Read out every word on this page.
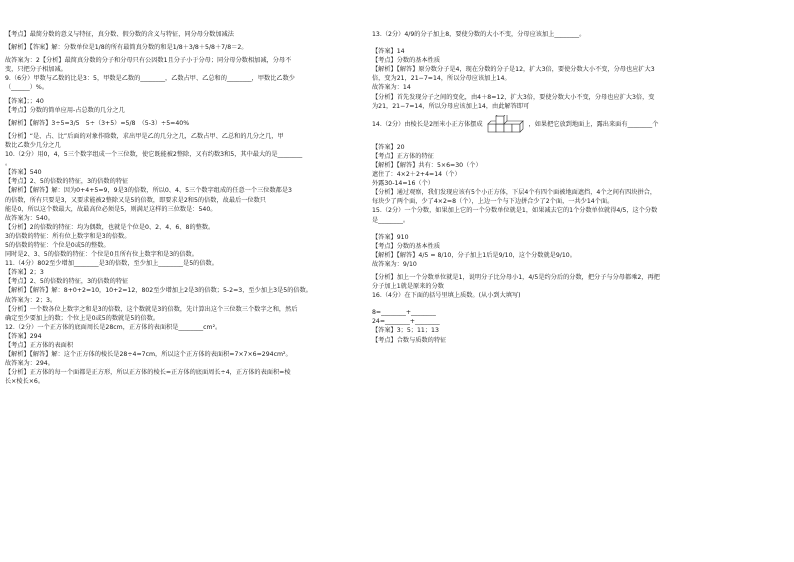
【考点】最简分数的意义与特征，真分数、假分数的含义与特征，同分母分数加减法
【解析】【答案】解：分数单位是1/8的所有最简真分数的和是1/8＋3/8＋5/8＋7/8＝2。
故答案为：2【分析】最简真分数的分子和分母只有公因数1且分子小于分母；同分母分数相加减，分母不
变，只把分子相加减。
9.（6分）甲数与乙数的比是3：5，甲数是乙数的________，乙数占甲、乙总和的________，甲数比乙数少
（______）%。
【答案】；；40
【考点】分数的简单应用-占总数的几分之几
【解析】【解答】3÷5=3/5　5÷（3+5）=5/8　（5-3）÷5=40%
【分析】“是、占、比”后面的对象作除数，求出甲是乙的几分之几，乙数占甲、乙总和的几分之几，甲
数比乙数少几分之几
10.（2分）用0，4，5三个数字组成一个三位数，使它既能被2整除，又有约数3和5，其中最大的是________
。
【答案】540
【考点】2、5的倍数的特征，3的倍数的特征
【解析】【解答】解：因为0+4+5=9，9是3的倍数，所以0、4、5三个数字组成的任意一个三位数都是3
的倍数，所有只要是3，又要求能被2整除又是5的倍数，即要求是2和5的倍数，故最后一位数只
能是0，所以这个数最大，故最高位必须是5，则满足这样的三位数是：540。
故答案为：540。
【分析】2的倍数的特征：均为偶数，也就是个位是0、2、4、6、8的整数。
3的倍数的特征：所有位上数字和是3的倍数。
5的倍数的特征：个位是0或5的整数。
同时是2、3、5的倍数的特征：个位是0且所有位上数字和是3的倍数。
11.（4分）802至少增加________是3的倍数，至少加上________是5的倍数。
【答案】2；3
【考点】2、5的倍数的特征，3的倍数的特征
【解析】【解答】解：8+0+2=10，10+2=12，802至少增加上2是3的倍数；5-2=3，至少加上3是5的倍数。
故答案为：2；3。
【分析】一个数各位上数字之和是3的倍数，这个数就是3的倍数，先计算出这个三位数三个数字之和，然后
确定至少要加上的数；个位上是0或5的数就是5的倍数。
12.（2分）一个正方体的底面周长是28cm，正方体的表面积是________cm²。
【答案】294
【考点】正方体的表面积
【解析】【解答】解：这个正方体的棱长是28÷4=7cm，所以这个正方体的表面积=7×7×6=294cm²。
故答案为：294。
【分析】正方体的每一个面都是正方形，所以正方体的棱长=正方体的底面周长÷4，正方体的表面积=棱
长×棱长×6。
13.（2分）4/9的分子加上8，要使分数的大小不变，分母应该加上________。
【答案】14
【考点】分数的基本性质
【解析】【解答】原分数分子是4，现在分数的分子是12，扩大3倍，要使分数大小不变，分母也应扩大3
倍，变为21，21−7=14，所以分母应该加上14。
故答案为：14
【分析】首先发现分子之间的变化，由4＋8=12，扩大3倍，要使分数大小不变，分母也应扩大3倍，变
为21，21−7=14，所以分母应该加上14，由此解答即可
14.（2分）由棱长是2厘米小正方体摆成	，如果把它放到地面上，露出来面有________个
【答案】20
【考点】正方体的特征
【解析】【解答】共有：5×6=30（个）
遮住了：4×2＋2+4=14（个）
外露30-14=16（个）
【分析】通过观察，我们发现应该有5个小正方体，下层4个有四个面被地面遮挡，4个之间有四块拼合，
每块少了两个面，少了4×2=8（个），上边一个与下边拼合少了2个面，一共少14个面。
15.（2分）一个分数，如果加上它的一个分数单位就是1，如果减去它的1个分数单位就得4/5，这个分数
是________。
【答案】910
【考点】分数的基本性质
【解析】【解答】4/5 = 8/10，分子加上1后是9/10，这个分数就是9/10。
故答案为：9/10
【分析】加上一个分数单位就是1，说明分子比分母小1，4/5是约分后的分数，把分子与分母都乘2，再把
分子加上1就是原来的分数
16.（4分）在下面的括号里填上质数。(从小到大填写)
8=________+________
24=________+________
【答案】3；5；11；13
【考点】合数与质数的特征
